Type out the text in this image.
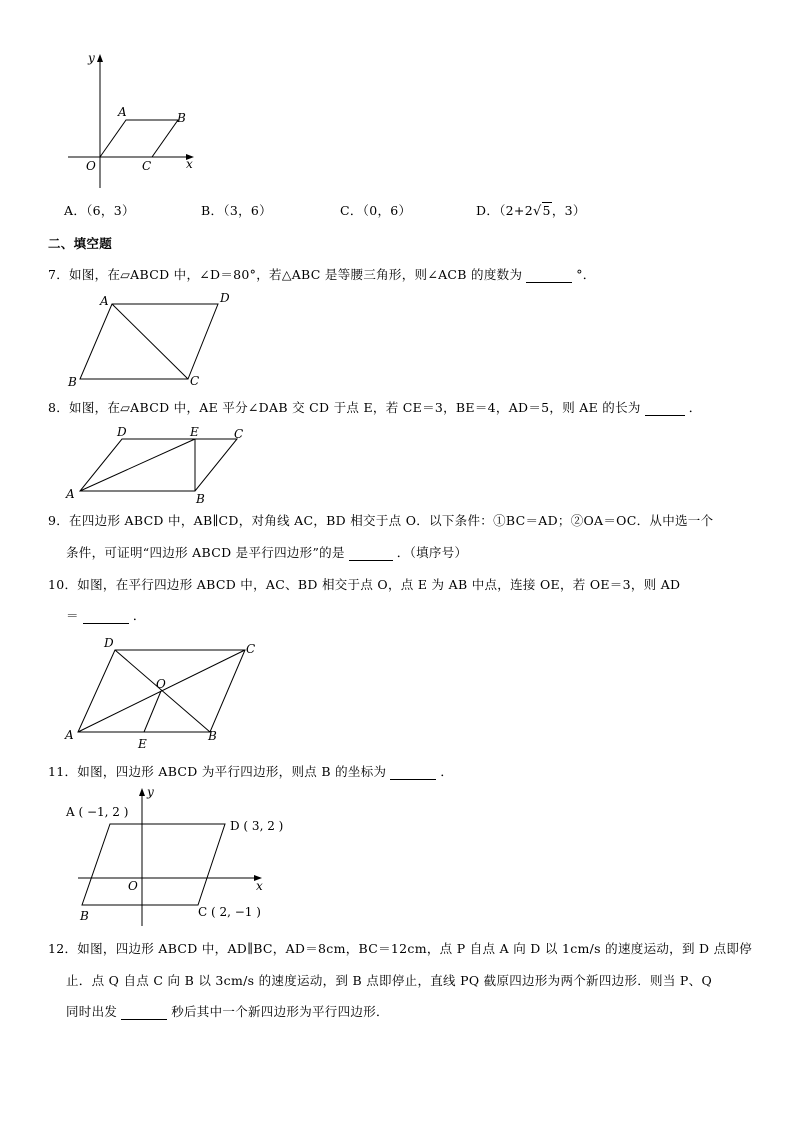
y
x
O
A	B
C
A．（6，3）	B．（3，6）	C．（0，6）	D．（2+2√5，3）
二、填空题
7．如图，在▱ABCD 中，∠D＝80°，若△ABC 是等腰三角形，则∠ACB 的度数为	°．
A	D
B	C
8．如图，在▱ABCD 中，AE 平分∠DAB 交 CD 于点 E，若 CE＝3，BE＝4，AD＝5，则 AE 的长为	．
D	E	C
A	B
9．在四边形 ABCD 中，AB∥CD，对角线 AC，BD 相交于点 O．以下条件：①BC＝AD；②OA＝OC．从中选一个
条件，可证明“四边形 ABCD 是平行四边形”的是	．（填序号）
10．如图，在平行四边形 ABCD 中，AC、BD 相交于点 O，点 E 为 AB 中点，连接 OE，若 OE＝3，则 AD
＝	．
D	C
O
A
E
B
11．如图，四边形 ABCD 为平行四边形，则点 B 的坐标为	．
y
x
O
A ( −1, 2 )
D ( 3, 2 )
B	C ( 2, −1 )
12．如图，四边形 ABCD 中，AD∥BC，AD＝8cm，BC＝12cm，点 P 自点 A 向 D 以 1cm/s 的速度运动，到 D 点即停
止．点 Q 自点 C 向 B 以 3cm/s 的速度运动，到 B 点即停止，直线 PQ 截原四边形为两个新四边形．则当 P、Q
同时出发	秒后其中一个新四边形为平行四边形．
